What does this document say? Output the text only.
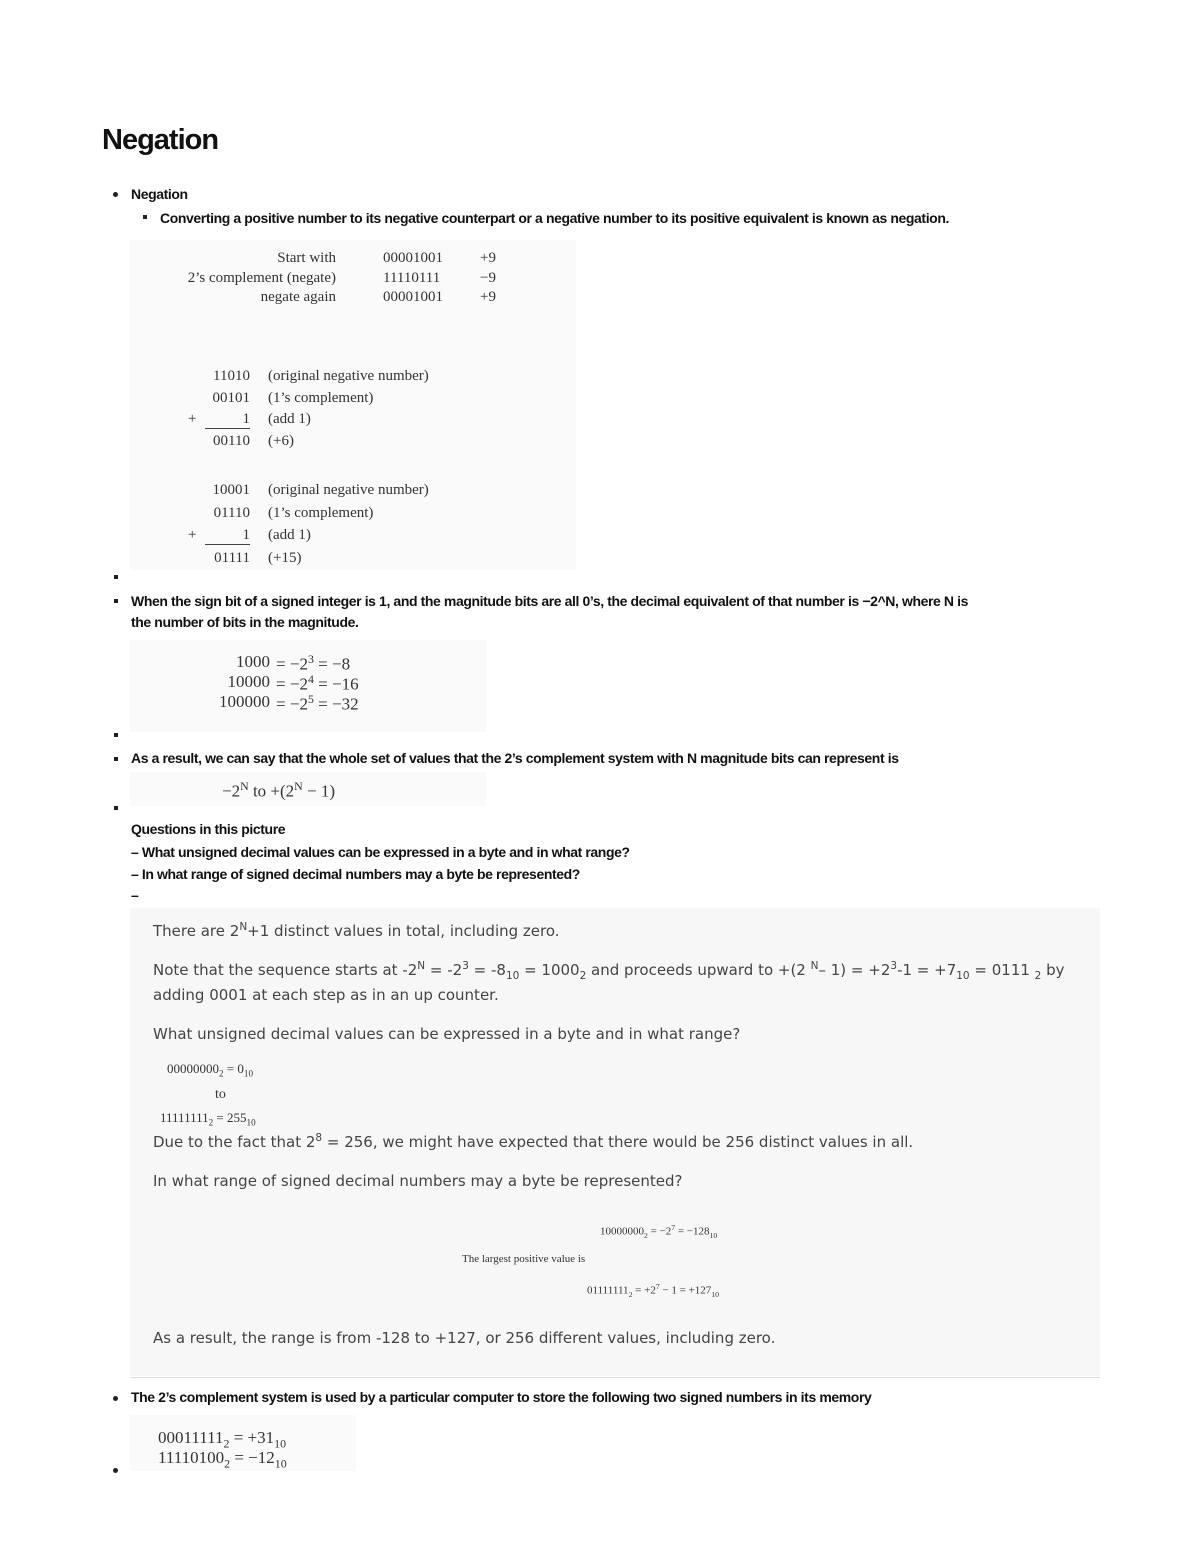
Negation
Negation
Converting a positive number to its negative counterpart or a negative number to its positive equivalent is known as negation.
Start with	00001001 +9
2’s complement (negate)	11110111	−9
negate again	00001001 +9
11010 (original negative number)
00101 (1’s complement)
+	1 (add 1)
00110 (+6)
10001 (original negative number)
01110 (1’s complement)
+	1 (add 1)
01111 (+15)
When the sign bit of a signed integer is 1, and the magnitude bits are all 0’s, the decimal equivalent of that number is −2^N, where N is
the number of bits in the magnitude.
$1000 = -2^3 = -8$
$10000 = -2^4 = -16$
$100000 = -2^5 = -32$
As a result, we can say that the whole set of values that the 2’s complement system with N magnitude bits can represent is
$-2^N$ to $+(2^N - 1)$
Questions in this picture
– What unsigned decimal values can be expressed in a byte and in what range?
– In what range of signed decimal numbers may a byte be represented?
–
There are $2^N+1$ distinct values in total, including zero.
Note that the sequence starts at $-2^N = -2^3 = -8_{10} = 1000_2$ and proceeds upward to +(2 $^N$– $1) = +2^3-1 = +7_{10} = 0111$ $_2$ by
adding 0001 at each step as in an up counter.
What unsigned decimal values can be expressed in a byte and in what range?
$00000000_2 = 0_{10}$
to
$11111111_2 = 255_{10}$
Due to the fact that $2^8 = 256$, we might have expected that there would be 256 distinct values in all.
In what range of signed decimal numbers may a byte be represented?
$10000000_2 = -2^7 = -128_{10}$
The largest positive value is
$01111111_2 = +2^7 - 1 = +127_{10}$
As a result, the range is from -128 to +127, or 256 different values, including zero.
The 2’s complement system is used by a particular computer to store the following two signed numbers in its memory
$00011111_2 = +31_{10}$
$11110100_2 = -12_{10}$
